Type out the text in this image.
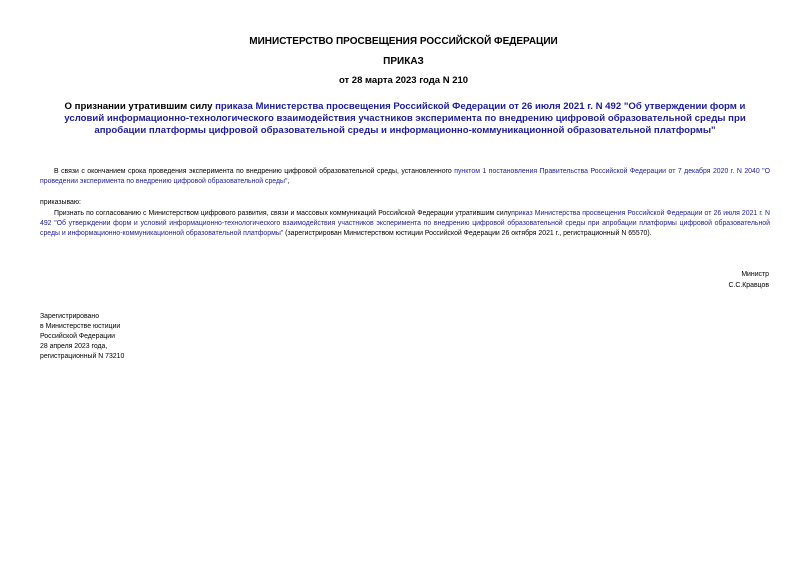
МИНИСТЕРСТВО ПРОСВЕЩЕНИЯ РОССИЙСКОЙ ФЕДЕРАЦИИ
ПРИКАЗ
от 28 марта 2023 года N 210
О признании утратившим силу приказа Министерства просвещения Российской Федерации от 26 июля 2021 г. N 492 "Об утверждении форм и условий информационно-технологического взаимодействия участников эксперимента по внедрению цифровой образовательной среды при апробации платформы цифровой образовательной среды и информационно-коммуникационной образовательной платформы"
В связи с окончанием срока проведения эксперимента по внедрению цифровой образовательной среды, установленного пунктом 1 постановления Правительства Российской Федерации от 7 декабря 2020 г. N 2040 "О проведении эксперимента по внедрению цифровой образовательной среды",
приказываю:
Признать по согласованию с Министерством цифрового развития, связи и массовых коммуникаций Российской Федерации утратившим силуприказ Министерства просвещения Российской Федерации от 26 июля 2021 г. N 492 "Об утверждении форм и условий информационно-технологического взаимодействия участников эксперимента по внедрению цифровой образовательной среды при апробации платформы цифровой образовательной среды и информационно-коммуникационной образовательной платформы" (зарегистрирован Министерством юстиции Российской Федерации 26 октября 2021 г., регистрационный N 65570).
Министр
С.С.Кравцов
Зарегистрировано
в Министерстве юстиции
Российской Федерации
28 апреля 2023 года,
регистрационный N 73210
